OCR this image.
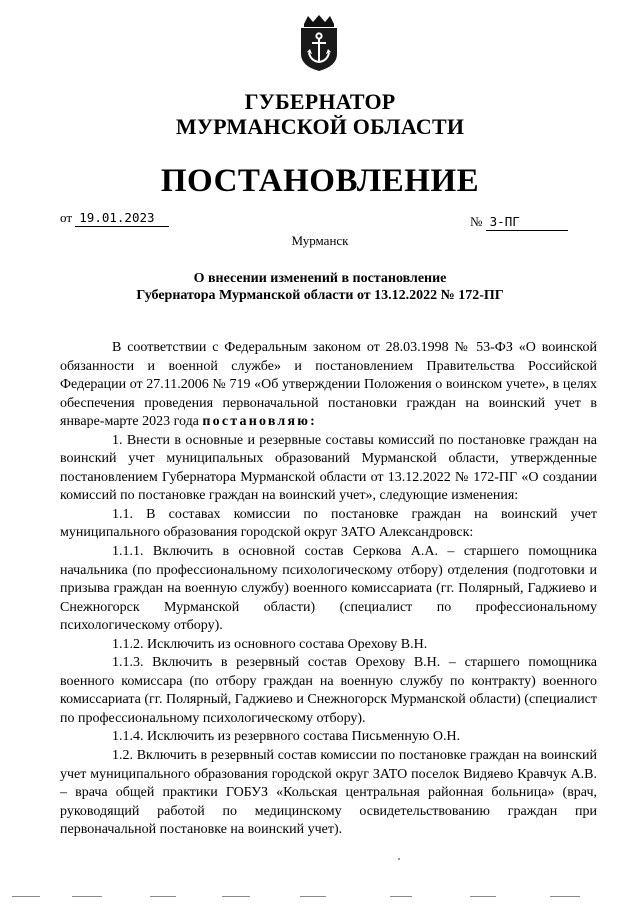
ГУБЕРНАТОР
МУРМАНСКОЙ ОБЛАСТИ
ПОСТАНОВЛЕНИЕ
от 19.01.2023	№ 3-ПГ
Мурманск
О внесении изменений в постановление
Губернатора Мурманской области от 13.12.2022 № 172-ПГ

В соответствии с Федеральным законом от 28.03.1998 № 53-ФЗ «О воинской обязанности и военной службе» и постановлением Правительства Российской Федерации от 27.11.2006 № 719 «Об утверждении Положения о воинском учете», в целях обеспечения проведения первоначальной постановки граждан на воинский учет в январе-марте 2023 года постановляю:

1. Внести в основные и резервные составы комиссий по постановке граждан на воинский учет муниципальных образований Мурманской области, утвержденные постановлением Губернатора Мурманской области от 13.12.2022 № 172-ПГ «О создании комиссий по постановке граждан на воинский учет», следующие изменения:

1.1. В составах комиссии по постановке граждан на воинский учет муниципального образования городской округ ЗАТО Александровск:

1.1.1. Включить в основной состав Серкова А.А. – старшего помощника начальника (по профессиональному психологическому отбору) отделения (подготовки и призыва граждан на военную службу) военного комиссариата (гг. Полярный, Гаджиево и Снежногорск Мурманской области) (специалист по профессиональному психологическому отбору).

1.1.2. Исключить из основного состава Орехову В.Н.

1.1.3. Включить в резервный состав Орехову В.Н. – старшего помощника военного комиссара (по отбору граждан на военную службу по контракту) военного комиссариата (гг. Полярный, Гаджиево и Снежногорск Мурманской области) (специалист по профессиональному психологическому отбору).

1.1.4. Исключить из резервного состава Письменную О.Н.

1.2. Включить в резервный состав комиссии по постановке граждан на воинский учет муниципального образования городской округ ЗАТО поселок Видяево Кравчук А.В. – врача общей практики ГОБУЗ «Кольская центральная районная больница» (врач, руководящий работой по медицинскому освидетельствованию граждан при первоначальной постановке на воинский учет).
